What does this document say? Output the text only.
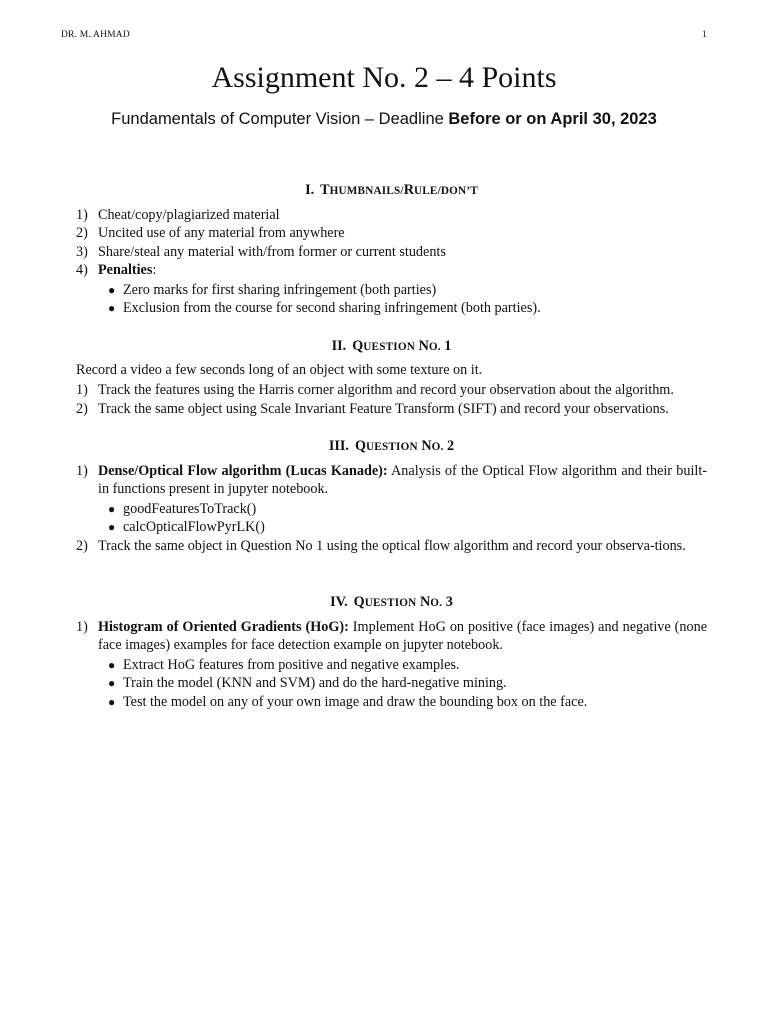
DR. M. AHMAD	1
Assignment No. 2 – 4 Points
Fundamentals of Computer Vision – Deadline Before or on April 30, 2023
I. THUMBNAILS/RULE/DON’T
1) Cheat/copy/plagiarized material
2) Uncited use of any material from anywhere
3) Share/steal any material with/from former or current students
4) Penalties:
● Zero marks for first sharing infringement (both parties)
● Exclusion from the course for second sharing infringement (both parties).
II. QUESTION NO. 1
Record a video a few seconds long of an object with some texture on it.
1) Track the features using the Harris corner algorithm and record your observation about the algorithm.
2) Track the same object using Scale Invariant Feature Transform (SIFT) and record your observations.
III. QUESTION NO. 2
1) Dense/Optical Flow algorithm (Lucas Kanade): Analysis of the Optical Flow algorithm and their built-in functions present in jupyter notebook.
● goodFeaturesToTrack()
● calcOpticalFlowPyrLK()
2) Track the same object in Question No 1 using the optical flow algorithm and record your observa-tions.
IV. QUESTION NO. 3
1) Histogram of Oriented Gradients (HoG): Implement HoG on positive (face images) and negative (none face images) examples for face detection example on jupyter notebook.
● Extract HoG features from positive and negative examples.
● Train the model (KNN and SVM) and do the hard-negative mining.
● Test the model on any of your own image and draw the bounding box on the face.
